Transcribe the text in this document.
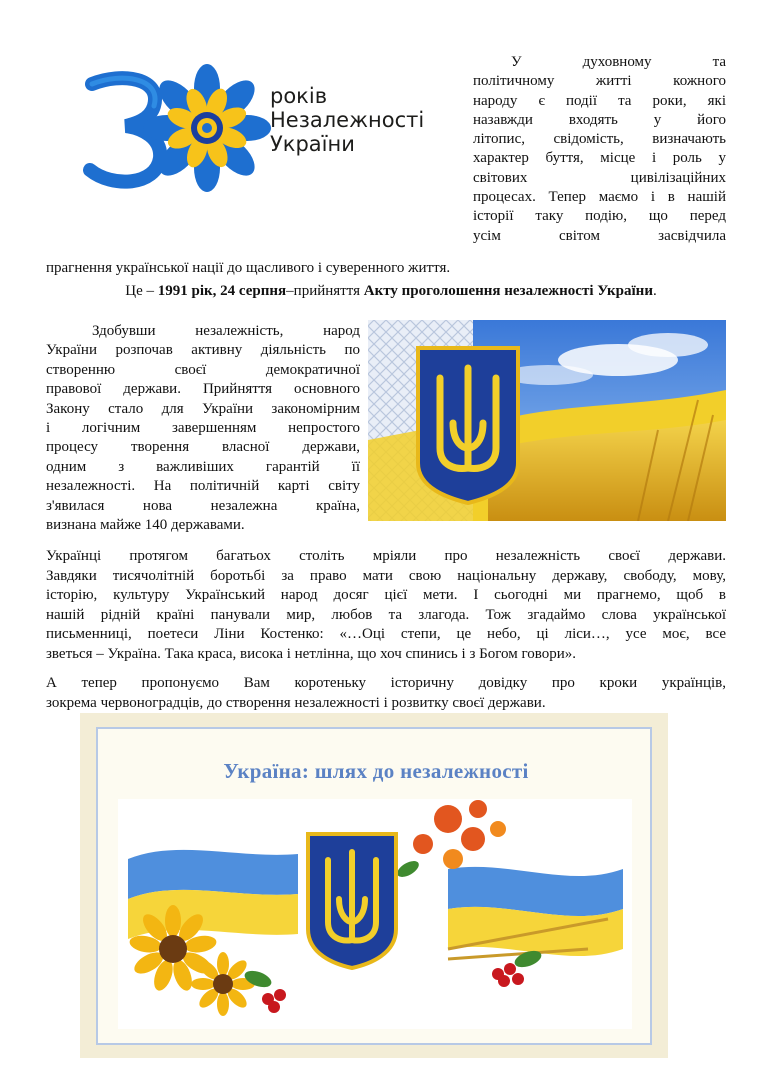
років
Незалежності
України
У духовному та
політичному житті кожного
народу є події та роки, які
назавжди входять у його
літопис, свідомість, визначають
характер буття, місце і роль у
світових цивілізаційних
процесах. Тепер маємо і в нашій
історії таку подію, що перед
усім світом засвідчила
прагнення української нації до щасливого і суверенного життя.
Це – 1991 рік, 24 серпня–прийняття Акту проголошення незалежності України.
Здобувши незалежність, народ
України розпочав активну діяльність по
створенню своєї демократичної
правової держави. Прийняття основного
Закону стало для України закономірним
і логічним завершенням непростого
процесу творення власної держави,
одним з важливіших гарантій її
незалежності. На політичній карті світу
з'явилася нова незалежна країна,
визнана майже 140 державами.
Українці протягом багатьох століть мріяли про незалежність своєї держави.
Завдяки тисячолітній боротьбі за право мати свою національну державу, свободу, мову,
історію, культуру Український народ досяг цієї мети. І сьогодні ми прагнемо, щоб в
нашій рідній країні панували мир, любов та злагода. Тож згадаймо слова української
письменниці, поетеси Ліни Костенко: «…Оці степи, це небо, ці ліси…, усе моє, все
зветься – Україна. Така краса, висока і нетлінна, що хоч спинись і з Богом говори».
А тепер пропонуємо Вам коротеньку історичну довідку про кроки українців,
зокрема червоноградців, до створення незалежності і розвитку своєї держави.
Україна: шлях до незалежності
